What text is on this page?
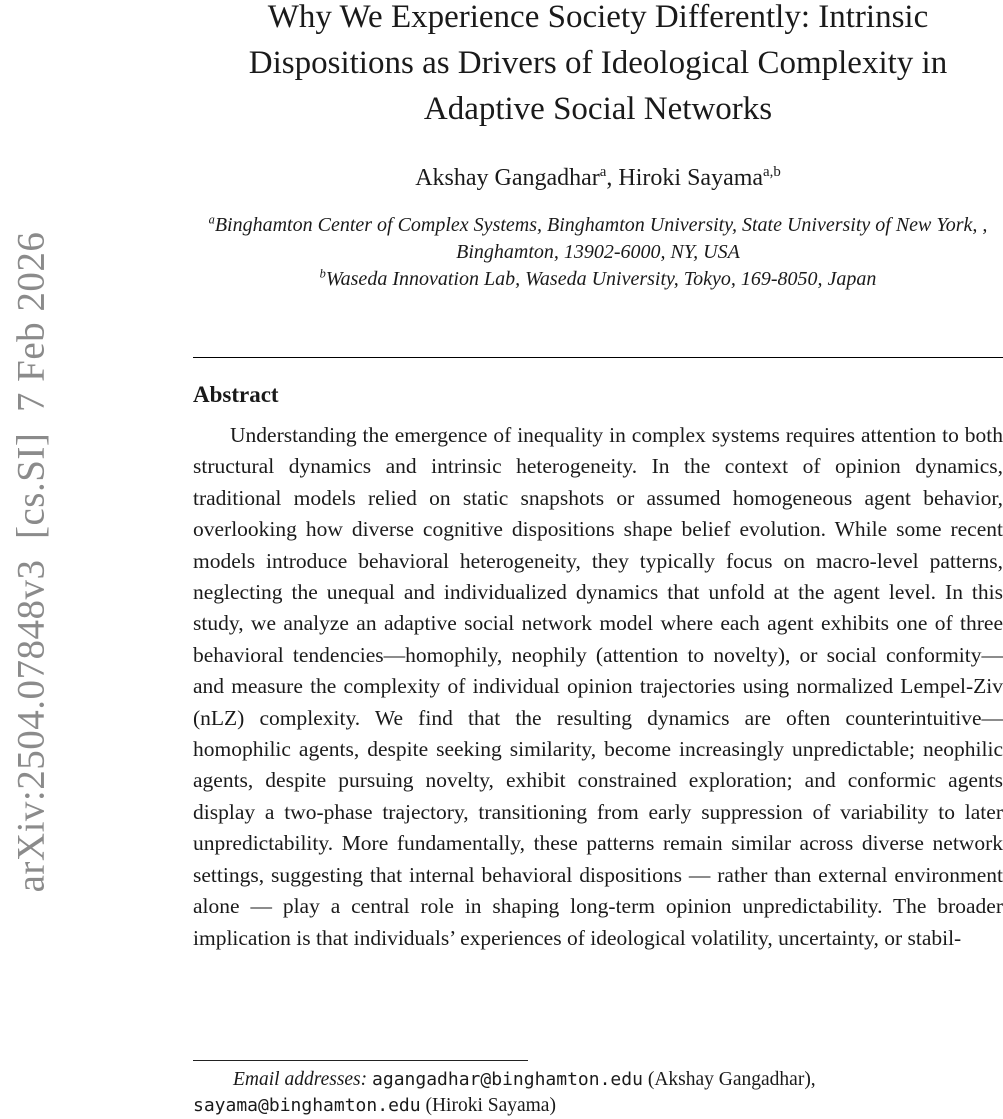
arXiv:2504.07848v3  [cs.SI]  7 Feb 2026
Why We Experience Society Differently: Intrinsic Dispositions as Drivers of Ideological Complexity in Adaptive Social Networks
Akshay Gangadhar$^a$, Hiroki Sayama$^{a,b}$
$^a$Binghamton Center of Complex Systems, Binghamton University, State University of New York, , Binghamton, 13902-6000, NY, USA
$^b$Waseda Innovation Lab, Waseda University, Tokyo, 169-8050, Japan
Abstract

Understanding the emergence of inequality in complex systems requires attention to both structural dynamics and intrinsic heterogeneity. In the context of opinion dynamics, traditional models relied on static snapshots or assumed homogeneous agent behavior, overlooking how diverse cognitive dispositions shape belief evolution. While some recent models introduce behavioral heterogeneity, they typically focus on macro-level patterns, neglecting the unequal and individualized dynamics that unfold at the agent level. In this study, we analyze an adaptive social network model where each agent exhibits one of three behavioral tendencies—homophily, neophily (attention to novelty), or social conformity—and measure the complexity of individual opinion trajectories using normalized Lempel-Ziv (nLZ) complexity. We find that the resulting dynamics are often counterintuitive—homophilic agents, despite seeking similarity, become increasingly unpredictable; neophilic agents, despite pursuing novelty, exhibit constrained exploration; and conformic agents display a two-phase trajectory, transitioning from early suppression of variability to later unpredictability. More fundamentally, these patterns remain similar across diverse network settings, suggesting that internal behavioral dispositions — rather than external environment alone — play a central role in shaping long-term opinion unpredictability. The broader implication is that individuals’ experiences of ideological volatility, uncertainty, or stabil-

Email addresses: agangadhar@binghamton.edu (Akshay Gangadhar), sayama@binghamton.edu (Hiroki Sayama)
